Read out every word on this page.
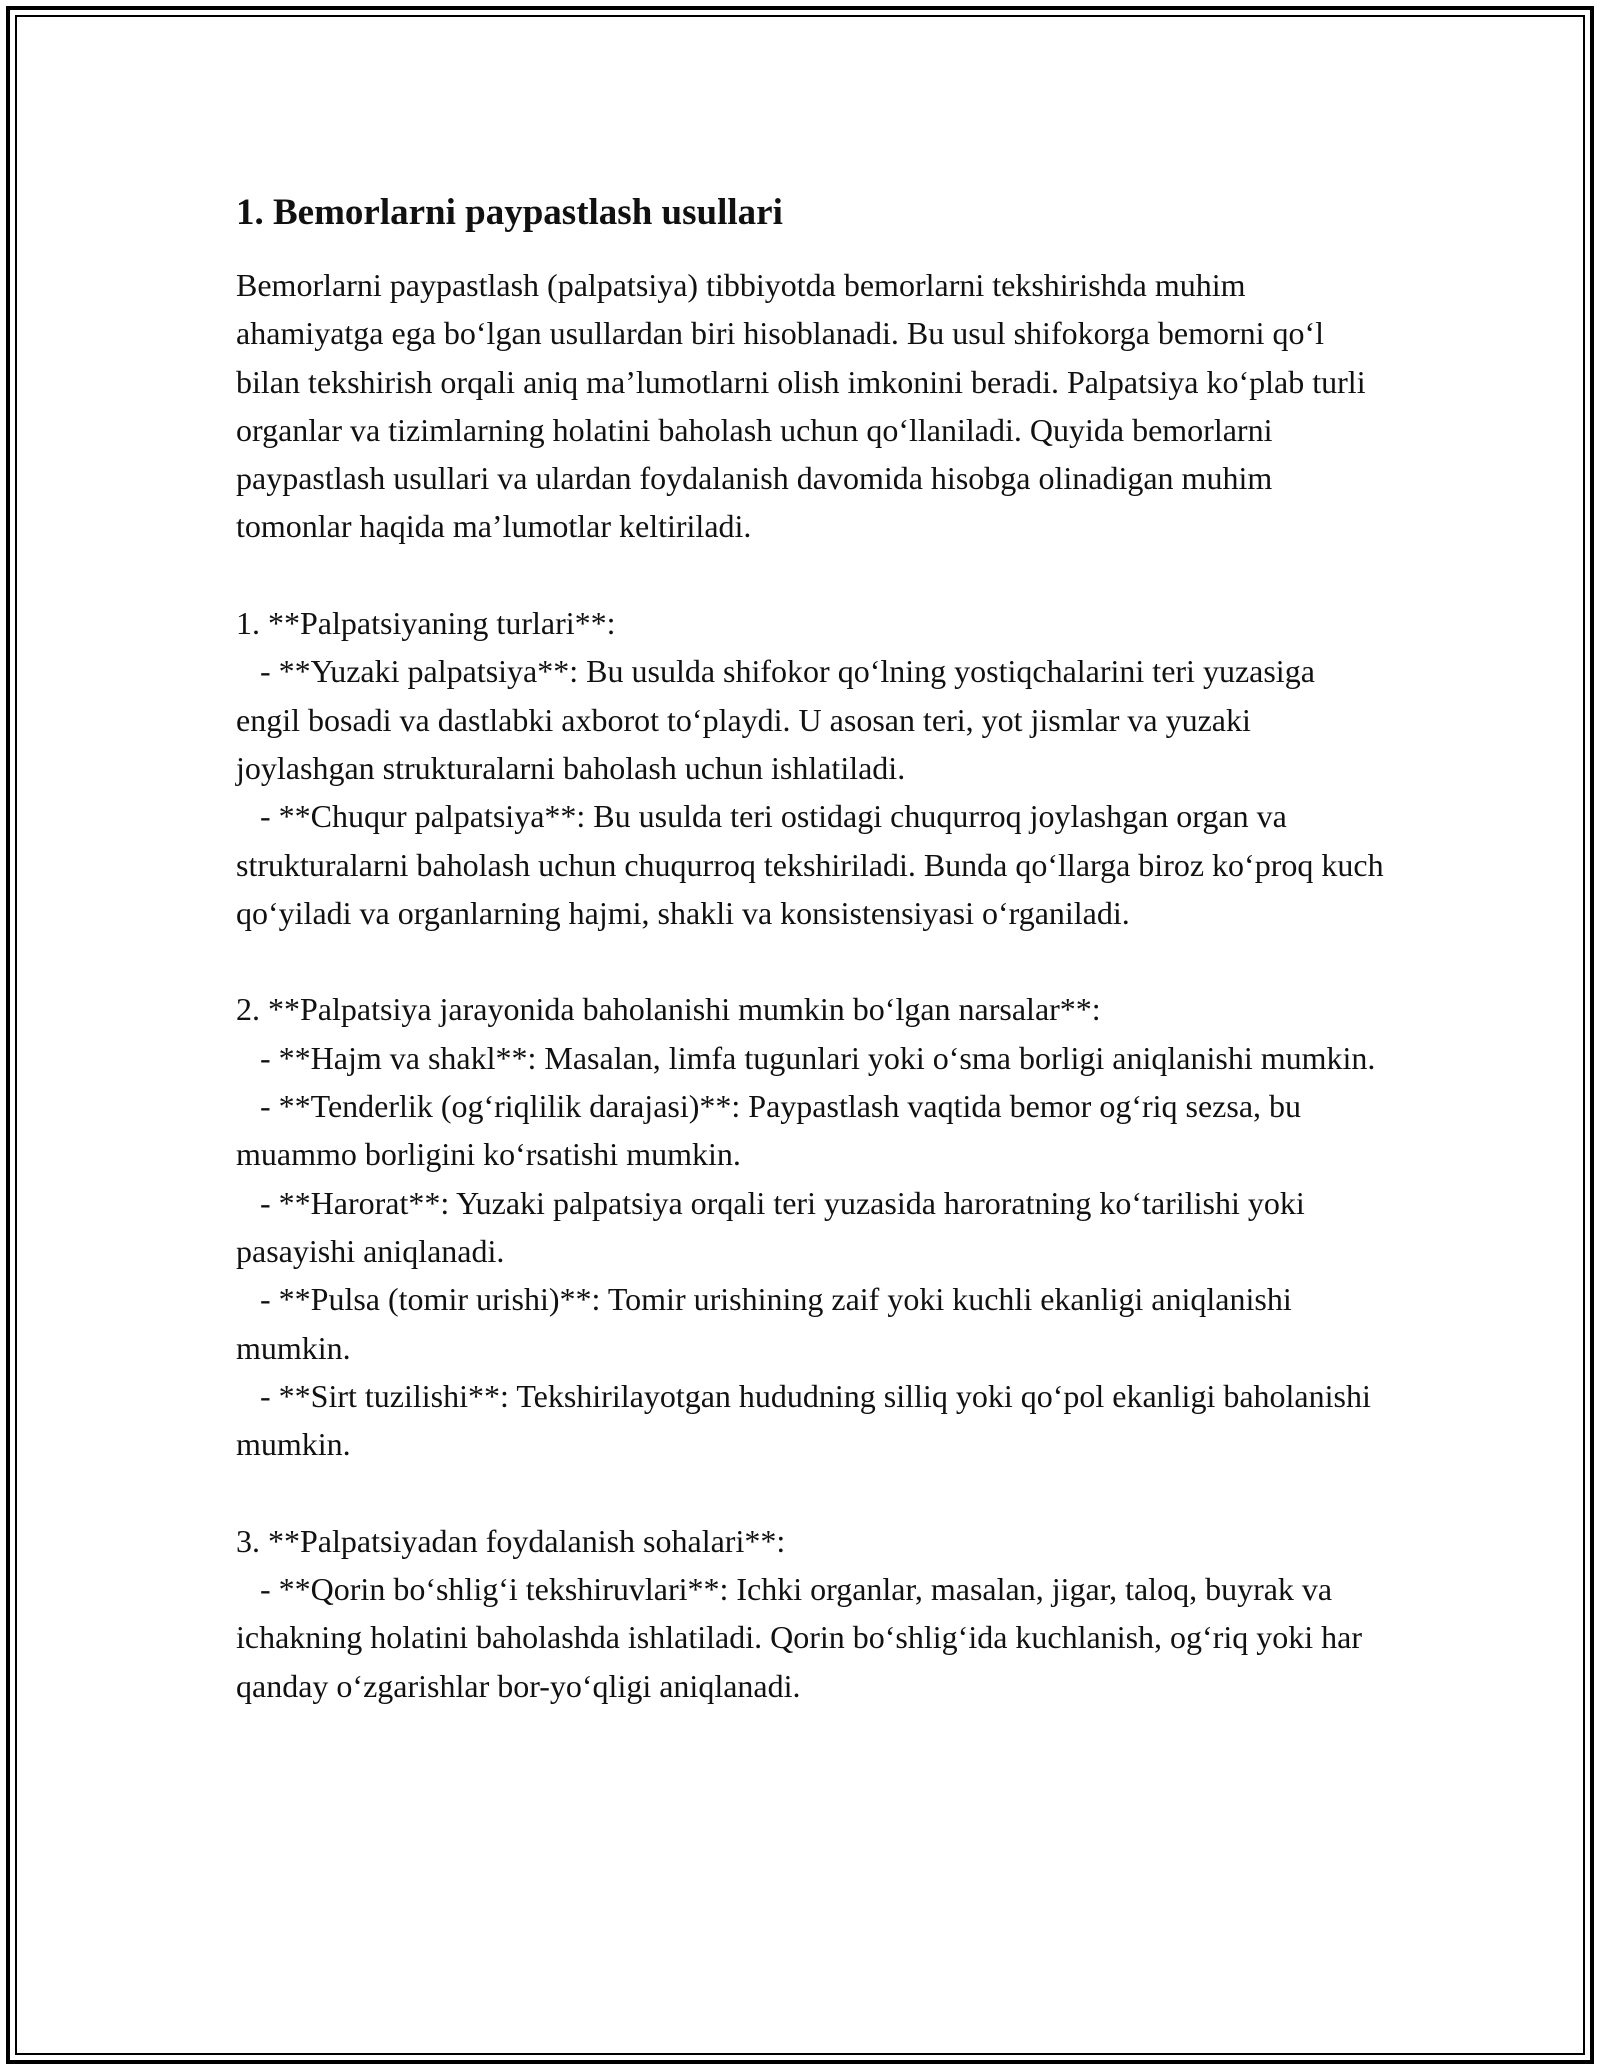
1. Bemorlarni paypastlash usullari

Bemorlarni paypastlash (palpatsiya) tibbiyotda bemorlarni tekshirishda muhim ahamiyatga ega bo‘lgan usullardan biri hisoblanadi. Bu usul shifokorga bemorni qo‘l bilan tekshirish orqali aniq ma’lumotlarni olish imkonini beradi. Palpatsiya ko‘plab turli organlar va tizimlarning holatini baholash uchun qo‘llaniladi. Quyida bemorlarni paypastlash usullari va ulardan foydalanish davomida hisobga olinadigan muhim tomonlar haqida ma’lumotlar keltiriladi.

1. **Palpatsiyaning turlari**:

- **Yuzaki palpatsiya**: Bu usulda shifokor qo‘lning yostiqchalarini teri yuzasiga engil bosadi va dastlabki axborot to‘playdi. U asosan teri, yot jismlar va yuzaki joylashgan strukturalarni baholash uchun ishlatiladi.

- **Chuqur palpatsiya**: Bu usulda teri ostidagi chuqurroq joylashgan organ va strukturalarni baholash uchun chuqurroq tekshiriladi. Bunda qo‘llarga biroz ko‘proq kuch qo‘yiladi va organlarning hajmi, shakli va konsistensiyasi o‘rganiladi.

2. **Palpatsiya jarayonida baholanishi mumkin bo‘lgan narsalar**:

- **Hajm va shakl**: Masalan, limfa tugunlari yoki o‘sma borligi aniqlanishi mumkin.

- **Tenderlik (og‘riqlilik darajasi)**: Paypastlash vaqtida bemor og‘riq sezsa, bu muammo borligini ko‘rsatishi mumkin.

- **Harorat**: Yuzaki palpatsiya orqali teri yuzasida haroratning ko‘tarilishi yoki pasayishi aniqlanadi.

- **Pulsa (tomir urishi)**: Tomir urishining zaif yoki kuchli ekanligi aniqlanishi mumkin.

- **Sirt tuzilishi**: Tekshirilayotgan hududning silliq yoki qo‘pol ekanligi baholanishi mumkin.

3. **Palpatsiyadan foydalanish sohalari**:

- **Qorin bo‘shlig‘i tekshiruvlari**: Ichki organlar, masalan, jigar, taloq, buyrak va ichakning holatini baholashda ishlatiladi. Qorin bo‘shlig‘ida kuchlanish, og‘riq yoki har qanday o‘zgarishlar bor-yo‘qligi aniqlanadi.
